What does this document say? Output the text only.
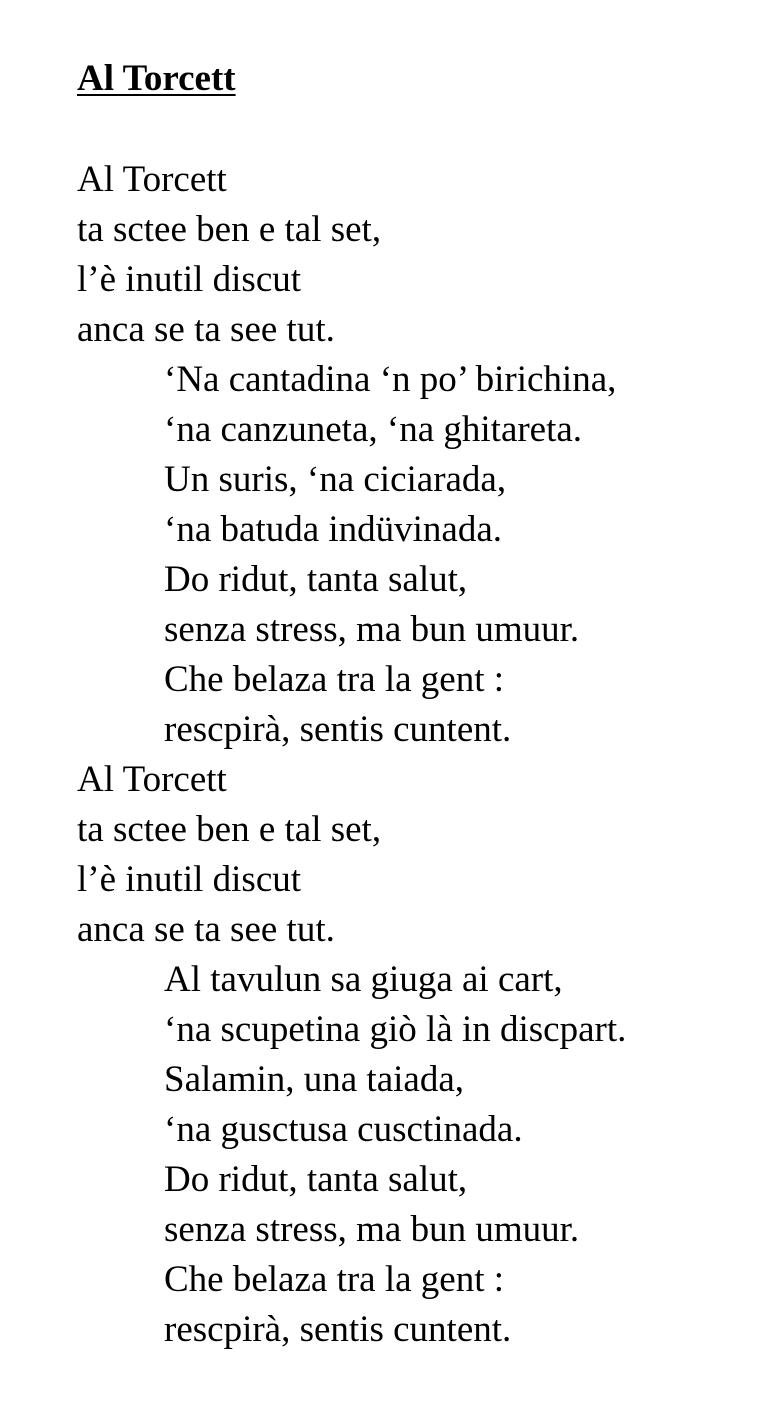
Al Torcett
Al Torcett
ta sctee ben e tal set,
l’è inutil discut
anca se ta see tut.
‘Na cantadina ‘n po’ birichina,
‘na canzuneta, ‘na ghitareta.
Un suris, ‘na ciciarada,
‘na batuda indüvinada.
Do ridut, tanta salut,
senza stress, ma bun umuur.
Che belaza tra la gent :
rescpirà, sentis cuntent.
Al Torcett
ta sctee ben e tal set,
l’è inutil discut
anca se ta see tut.
Al tavulun sa giuga ai cart,
‘na scupetina giò là in discpart.
Salamin, una taiada,
‘na gusctusa cusctinada.
Do ridut, tanta salut,
senza stress, ma bun umuur.
Che belaza tra la gent :
rescpirà, sentis cuntent.
